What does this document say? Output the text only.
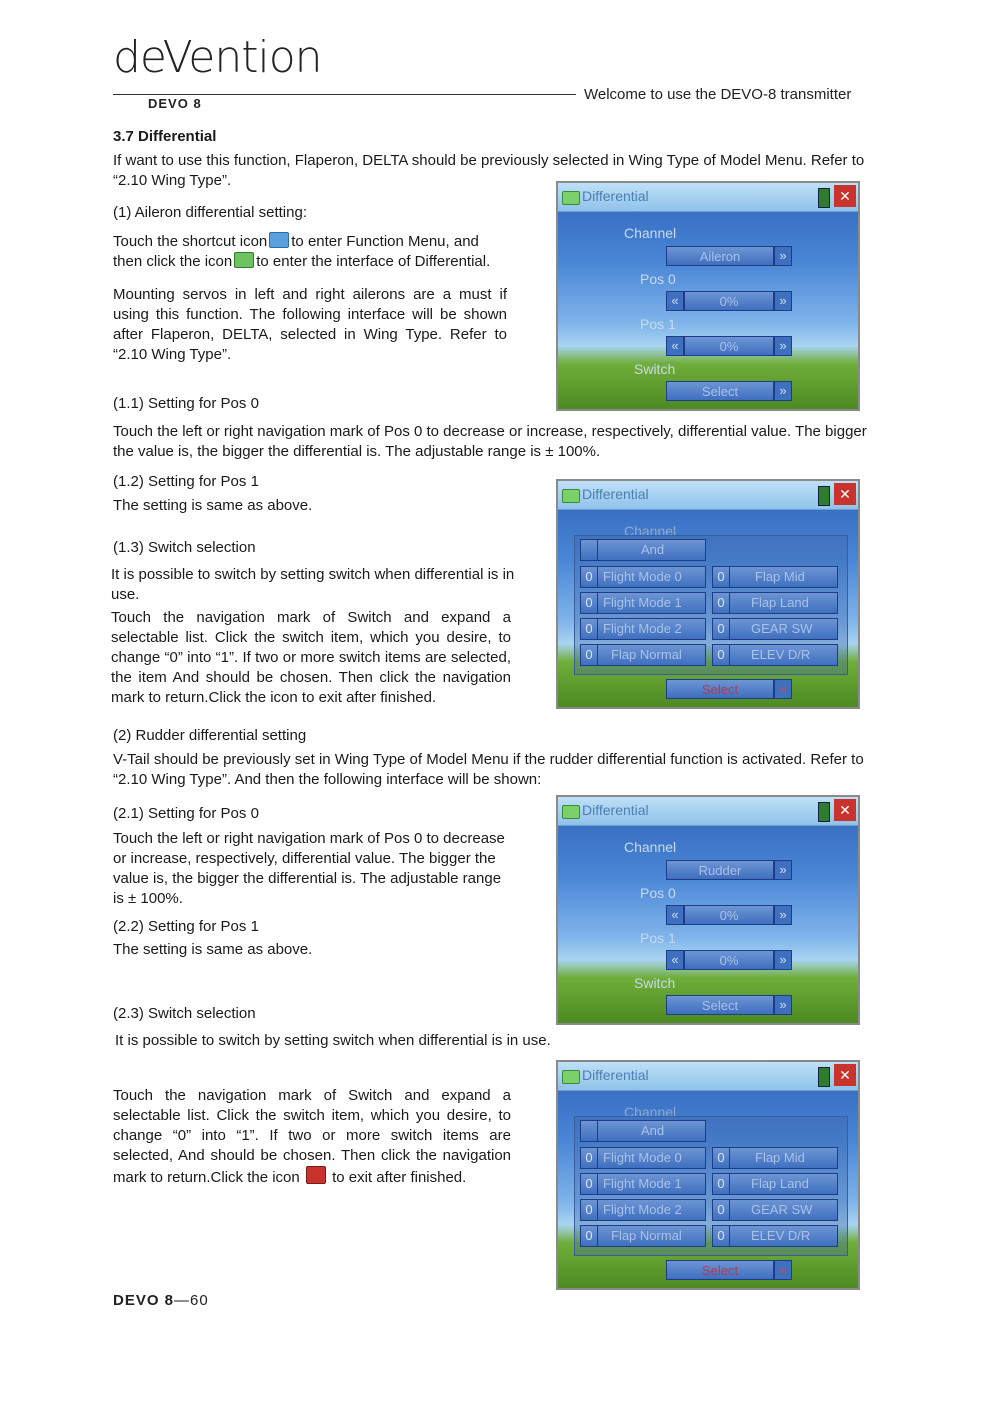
deVention
DEVO 8
Welcome to use the DEVO-8 transmitter
3.7 Differential
If want to use this function, Flaperon, DELTA should be previously selected in Wing Type of Model Menu. Refer to “2.10 Wing Type”.
(1) Aileron differential setting:
Touch the shortcut icon to enter Function Menu, and
then click the icon to enter the interface of Differential.
Mounting servos in left and right ailerons are a must if using this function. The following interface will be shown after Flaperon, DELTA, selected in Wing Type. Refer to “2.10 Wing Type”.
(1.1) Setting for Pos 0
Touch the left or right navigation mark of Pos 0 to decrease or increase, respectively, differential value. The bigger the value is, the bigger the differential is. The adjustable range is ± 100%.
(1.2) Setting for Pos 1
The setting is same as above.
(1.3) Switch selection
It is possible to switch by setting switch when differential is in use.
Touch the navigation mark of Switch and expand a selectable list. Click the switch item, which you desire, to change “0” into “1”. If two or more switch items are selected, the item And should be chosen. Then click the navigation mark to return.Click the icon to exit after finished.
(2) Rudder differential setting
V-Tail should be previously set in Wing Type of Model Menu if the rudder differential function is activated. Refer to “2.10 Wing Type”. And then the following interface will be shown:
(2.1) Setting for Pos 0
Touch the left or right navigation mark of Pos 0 to decrease or increase, respectively, differential value. The bigger the value is, the bigger the differential is. The adjustable range is ± 100%.
(2.2) Setting for Pos 1
The setting is same as above.
(2.3) Switch selection
It is possible to switch by setting switch when differential is in use.
Touch the navigation mark of Switch and expand a selectable list. Click the switch item, which you desire, to change “0” into “1”. If two or more switch items are selected, And should be chosen. Then click the navigation mark to return.Click the icon to exit after finished.
Differential	✕
Channel
Aileron	»
Pos 0
«	0%	»
Pos 1
«	0%	»
Switch
Select	»
Differential	✕
Channel
And
0 Flight Mode 0	0	Flap Mid
0 Flight Mode 1	0	Flap Land
0 Flight Mode 2	0	GEAR SW
0	Flap Normal	0	ELEV D/R
Select	«
Differential	✕
Channel
Rudder	»
Pos 0
«	0%	»
Pos 1
«	0%	»
Switch
Select	»
Differential	✕
Channel
And
0 Flight Mode 0	0	Flap Mid
0 Flight Mode 1	0	Flap Land
0 Flight Mode 2	0	GEAR SW
0	Flap Normal	0	ELEV D/R
Select	«
DEVO 8—60
